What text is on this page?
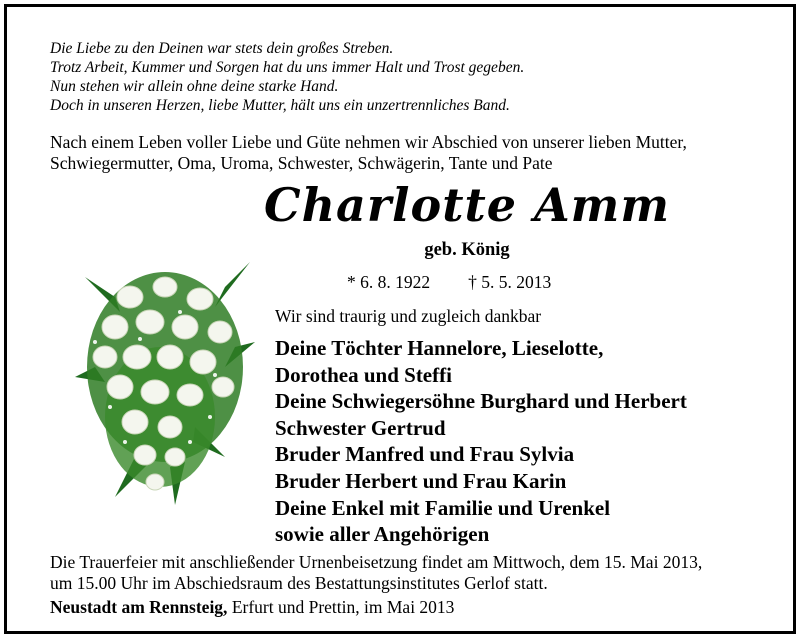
Die Liebe zu den Deinen war stets dein großes Streben.
Trotz Arbeit, Kummer und Sorgen hat du uns immer Halt und Trost gegeben.
Nun stehen wir allein ohne deine starke Hand.
Doch in unseren Herzen, liebe Mutter, hält uns ein unzertrennliches Band.
Nach einem Leben voller Liebe und Güte nehmen wir Abschied von unserer lieben Mutter,
Schwiegermutter, Oma, Uroma, Schwester, Schwägerin, Tante und Pate
Charlotte Amm
geb. König
* 6. 8. 1922 † 5. 5. 2013
Wir sind traurig und zugleich dankbar
Deine Töchter Hannelore, Lieselotte,
Dorothea und Steffi
Deine Schwiegersöhne Burghard und Herbert
Schwester Gertrud
Bruder Manfred und Frau Sylvia
Bruder Herbert und Frau Karin
Deine Enkel mit Familie und Urenkel
sowie aller Angehörigen
Die Trauerfeier mit anschließender Urnenbeisetzung findet am Mittwoch, dem 15. Mai 2013,
um 15.00 Uhr im Abschiedsraum des Bestattungsinstitutes Gerlof statt.
Neustadt am Rennsteig, Erfurt und Prettin, im Mai 2013
